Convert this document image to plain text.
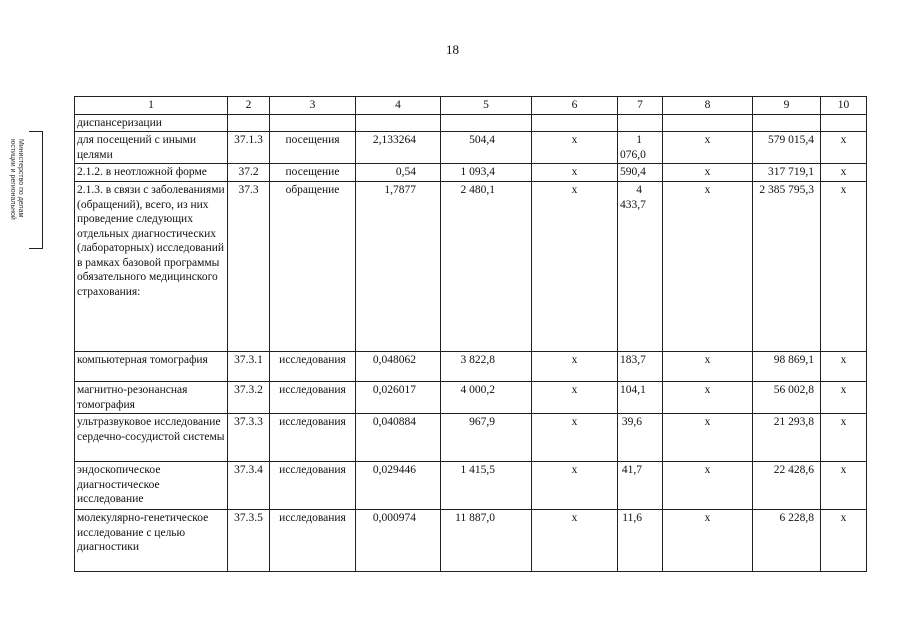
18
Министерство по делам
юстиции и региональной
1	2	3	4	5	6	7	8	9	10
диспансеризации									
для посещений с иными целями	37.1.3	посещения	2,133264	504,4	х	1 076,0	х	579 015,4	х
2.1.2. в неотложной форме	37.2	посещение	0,54	1 093,4	х	590,4	х	317 719,1	х
2.1.3. в связи с заболеваниями (обращений), всего, из них проведение следующих отдельных диагностических (лабораторных) исследований в рамках базовой программы обязательного медицинского страхования:	37.3	обращение	1,7877	2 480,1	х	4 433,7	х	2 385 795,3	х
компьютерная томография	37.3.1	исследования	0,048062	3 822,8	х	183,7	х	98 869,1	х
магнитно-резонансная томография	37.3.2	исследования	0,026017	4 000,2	х	104,1	х	56 002,8	х
ультразвуковое исследование сердечно-сосудистой системы	37.3.3	исследования	0,040884	967,9	х	39,6	х	21 293,8	х
эндоскопическое диагностическое исследование	37.3.4	исследования	0,029446	1 415,5	х	41,7	х	22 428,6	х
молекулярно-генетическое исследование с целью диагностики	37.3.5	исследования	0,000974	11 887,0	х	11,6	х	6 228,8	х
